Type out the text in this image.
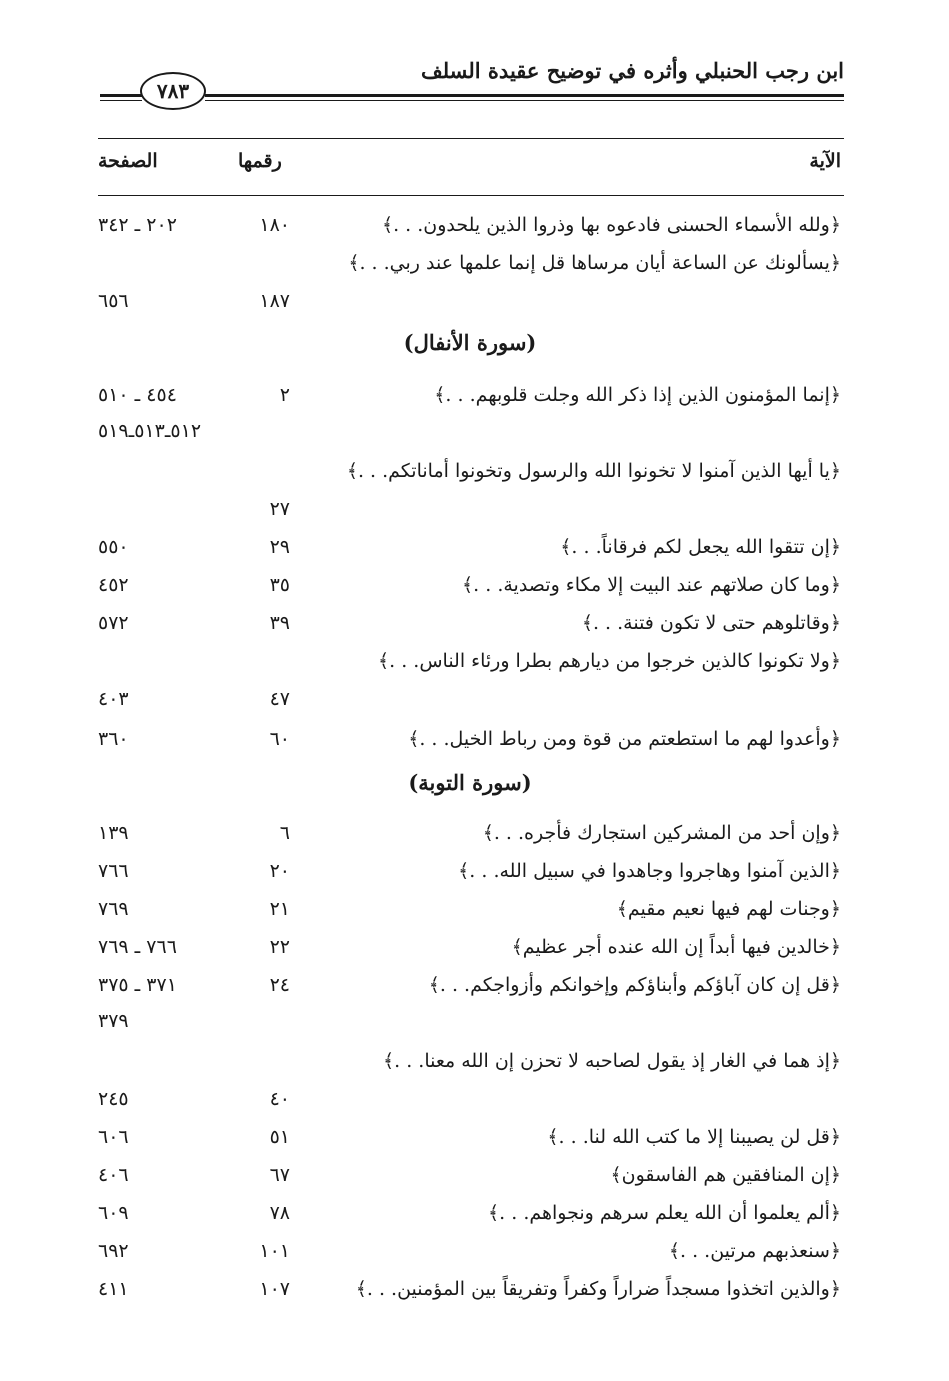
ابن رجب الحنبلي وأثره في توضيح عقيدة السلف
٧٨٣
الآية
رقمها
الصفحة
﴿ولله الأسماء الحسنى فادعوه بها وذروا الذين يلحدون. . .﴾
١٨٠
٢٠٢ ـ ٣٤٢
﴿يسألونك عن الساعة أيان مرساها قل إنما علمها عند ربي. . .﴾
١٨٧
٦٥٦
(سورة الأنفال)
﴿إنما المؤمنون الذين إذا ذكر الله وجلت قلوبهم. . .﴾
٢
٤٥٤ ـ ٥١٠
٥١٢ـ٥١٣ـ٥١٩
﴿يا أيها الذين آمنوا لا تخونوا الله والرسول وتخونوا أماناتكم. . .﴾
٢٧
﴿إن تتقوا الله يجعل لكم فرقاناً. . .﴾
٢٩
٥٥٠
﴿وما كان صلاتهم عند البيت إلا مكاء وتصدية. . .﴾
٣٥
٤٥٢
﴿وقاتلوهم حتى لا تكون فتنة. . .﴾
٣٩
٥٧٢
﴿ولا تكونوا كالذين خرجوا من ديارهم بطرا ورئاء الناس. . .﴾
٤٧
٤٠٣
﴿وأعدوا لهم ما استطعتم من قوة ومن رباط الخيل. . .﴾
٦٠
٣٦٠
(سورة التوبة)
﴿وإن أحد من المشركين استجارك فأجره. . .﴾
٦
١٣٩
﴿الذين آمنوا وهاجروا وجاهدوا في سبيل الله. . .﴾
٢٠
٧٦٦
﴿وجنات لهم فيها نعيم مقيم﴾
٢١
٧٦٩
﴿خالدين فيها أبداً إن الله عنده أجر عظيم﴾
٢٢
٧٦٦ ـ ٧٦٩
﴿قل إن كان آباؤكم وأبناؤكم وإخوانكم وأزواجكم. . .﴾
٢٤
٣٧١ ـ ٣٧٥
٣٧٩
﴿إذ هما في الغار إذ يقول لصاحبه لا تحزن إن الله معنا. . .﴾
٤٠
٢٤٥
﴿قل لن يصيبنا إلا ما كتب الله لنا. . .﴾
٥١
٦٠٦
﴿إن المنافقين هم الفاسقون﴾
٦٧
٤٠٦
﴿ألم يعلموا أن الله يعلم سرهم ونجواهم. . .﴾
٧٨
٦٠٩
﴿سنعذبهم مرتين. . .﴾
١٠١
٦٩٢
﴿والذين اتخذوا مسجداً ضراراً وكفراً وتفريقاً بين المؤمنين. . .﴾
١٠٧
٤١١
